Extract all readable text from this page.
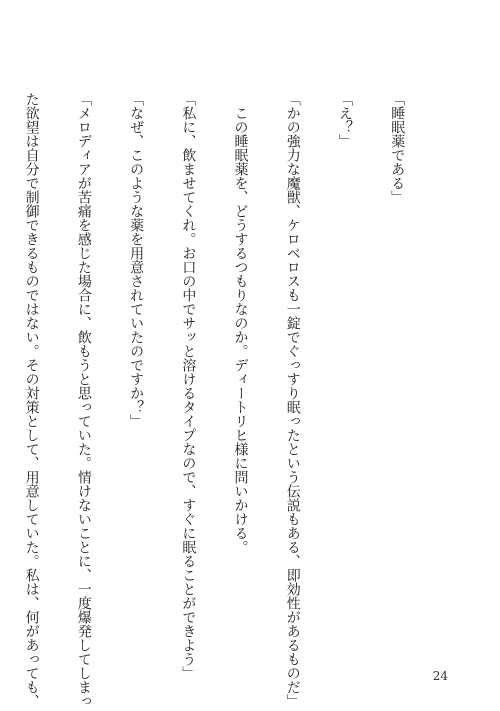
「睡眠薬である」

「え？」

「かの強力な魔獣、ケロベロスも一錠でぐっすり眠ったという伝説もある、即効性があるものだ」

　この睡眠薬を、どうするつもりなのか。ディートリヒ様に問いかける。

「私に、飲ませてくれ。お口の中でサッと溶けるタイプなので、すぐに眠ることができよう」

「なぜ、このような薬を用意されていたのですか？」

「メロディアが苦痛を感じた場合に、飲もうと思っていた。情けないことに、一度爆発してしまっ

た欲望は自分で制御できるものではない。その対策として、用意していた。私は、何があっても、

	24
